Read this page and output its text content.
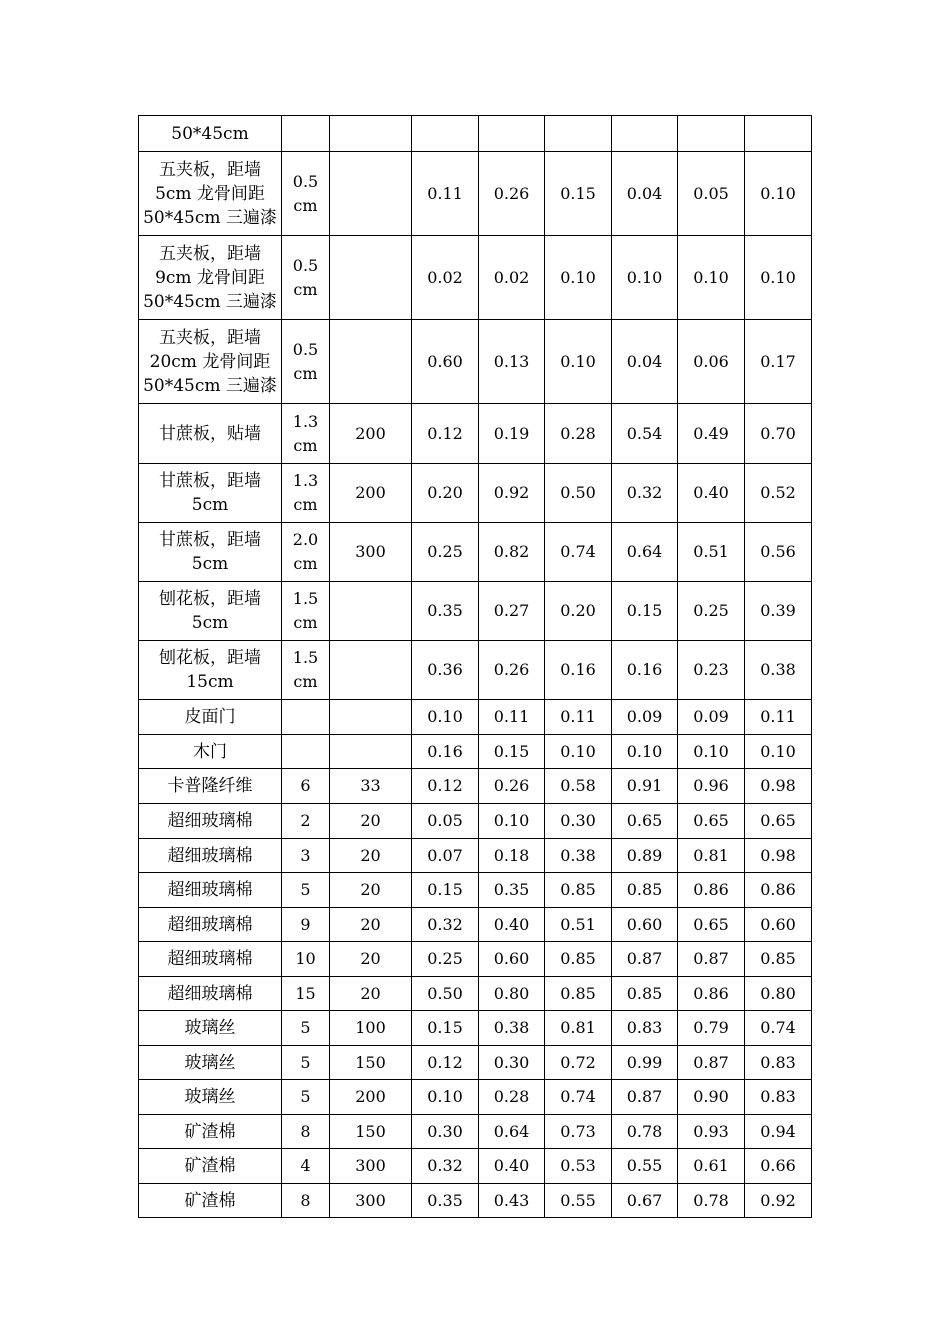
50*45cm								

五夹板，距墙
5cm 龙骨间距
50*45cm 三遍漆	0.5
cm		0.11	0.26	0.15	0.04	0.05	0.10

五夹板，距墙
9cm 龙骨间距
50*45cm 三遍漆	0.5
cm		0.02	0.02	0.10	0.10	0.10	0.10

五夹板，距墙
20cm 龙骨间距
50*45cm 三遍漆	0.5
cm		0.60	0.13	0.10	0.04	0.06	0.17

甘蔗板，贴墙	1.3
cm	200	0.12	0.19	0.28	0.54	0.49	0.70

甘蔗板，距墙
5cm	1.3
cm	200	0.20	0.92	0.50	0.32	0.40	0.52

甘蔗板，距墙
5cm	2.0
cm	300	0.25	0.82	0.74	0.64	0.51	0.56

刨花板，距墙
5cm	1.5
cm		0.35	0.27	0.20	0.15	0.25	0.39

刨花板，距墙
15cm	1.5
cm		0.36	0.26	0.16	0.16	0.23	0.38

皮面门			0.10	0.11	0.11	0.09	0.09	0.11

木门			0.16	0.15	0.10	0.10	0.10	0.10

卡普隆纤维	6	33	0.12	0.26	0.58	0.91	0.96	0.98

超细玻璃棉	2	20	0.05	0.10	0.30	0.65	0.65	0.65

超细玻璃棉	3	20	0.07	0.18	0.38	0.89	0.81	0.98

超细玻璃棉	5	20	0.15	0.35	0.85	0.85	0.86	0.86

超细玻璃棉	9	20	0.32	0.40	0.51	0.60	0.65	0.60

超细玻璃棉	10	20	0.25	0.60	0.85	0.87	0.87	0.85

超细玻璃棉	15	20	0.50	0.80	0.85	0.85	0.86	0.80

玻璃丝	5	100	0.15	0.38	0.81	0.83	0.79	0.74

玻璃丝	5	150	0.12	0.30	0.72	0.99	0.87	0.83

玻璃丝	5	200	0.10	0.28	0.74	0.87	0.90	0.83

矿渣棉	8	150	0.30	0.64	0.73	0.78	0.93	0.94

矿渣棉	4	300	0.32	0.40	0.53	0.55	0.61	0.66

矿渣棉	8	300	0.35	0.43	0.55	0.67	0.78	0.92
